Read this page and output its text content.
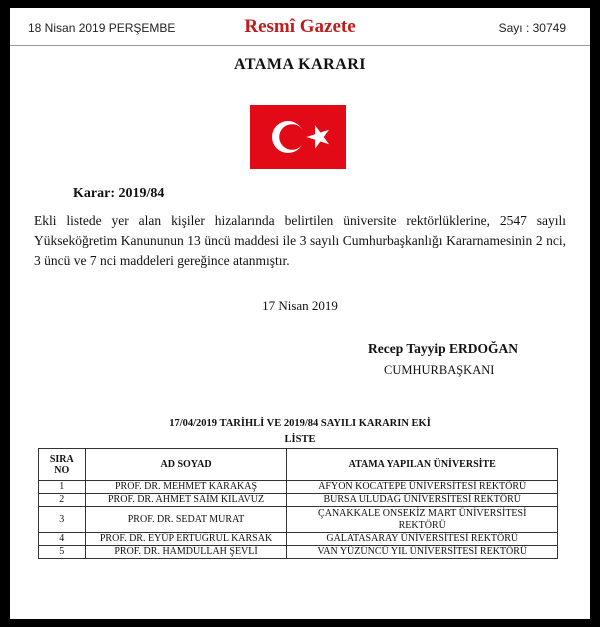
18 Nisan 2019 PERŞEMBE	Resmî Gazete	Sayı : 30749
ATAMA KARARI
Karar: 2019/84
Ekli listede yer alan kişiler hizalarında belirtilen üniversite rektörlüklerine, 2547 sayılı Yükseköğretim Kanununun 13 üncü maddesi ile 3 sayılı Cumhurbaşkanlığı Kararnamesinin 2 nci, 3 üncü ve 7 nci maddeleri gereğince atanmıştır.
17 Nisan 2019
Recep Tayyip ERDOĞAN
CUMHURBAŞKANI
17/04/2019 TARİHLİ VE 2019/84 SAYILI KARARIN EKİ
LİSTE
SIRA
NO	AD SOYAD	ATAMA YAPILAN ÜNİVERSİTE
1	PROF. DR. MEHMET KARAKAŞ	AFYON KOCATEPE ÜNİVERSİTESİ REKTÖRÜ
2	PROF. DR. AHMET SAİM KILAVUZ	BURSA ULUDAĞ ÜNİVERSİTESİ REKTÖRÜ
3	PROF. DR. SEDAT MURAT	ÇANAKKALE ONSEKİZ MART ÜNİVERSİTESİ
REKTÖRÜ
4	PROF. DR. EYÜP ERTUĞRUL KARSAK	GALATASARAY ÜNİVERSİTESİ REKTÖRÜ
5	PROF. DR. HAMDULLAH ŞEVLİ	VAN YÜZÜNCÜ YIL ÜNİVERSİTESİ REKTÖRÜ
